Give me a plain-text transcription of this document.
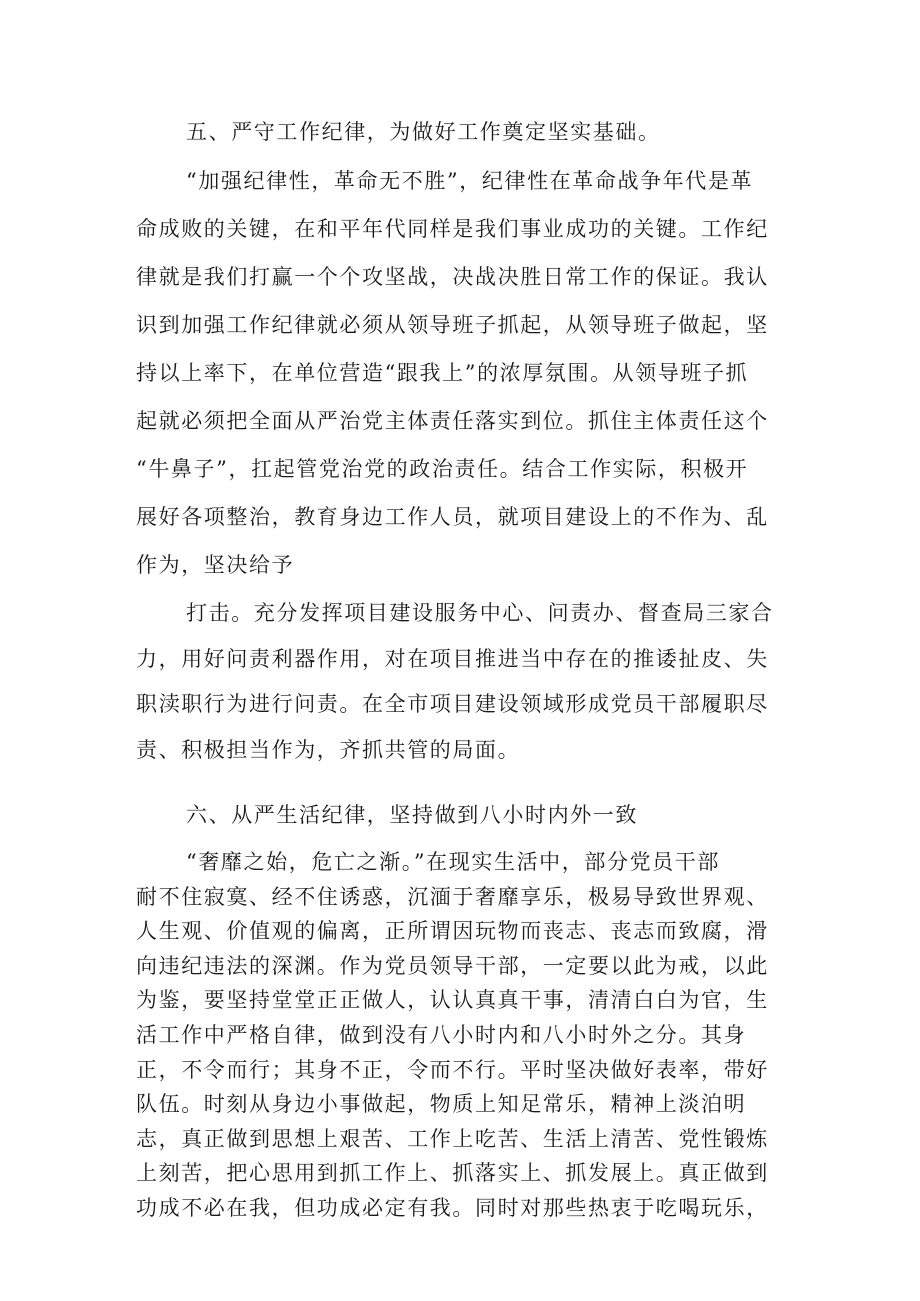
五、严守工作纪律，为做好工作奠定坚实基础。
“加强纪律性，革命无不胜”，纪律性在革命战争年代是革
命成败的关键，在和平年代同样是我们事业成功的关键。工作纪
律就是我们打赢一个个攻坚战，决战决胜日常工作的保证。我认
识到加强工作纪律就必须从领导班子抓起，从领导班子做起，坚
持以上率下，在单位营造“跟我上”的浓厚氛围。从领导班子抓
起就必须把全面从严治党主体责任落实到位。抓住主体责任这个
“牛鼻子”，扛起管党治党的政治责任。结合工作实际，积极开
展好各项整治，教育身边工作人员，就项目建设上的不作为、乱
作为，坚决给予
打击。充分发挥项目建设服务中心、问责办、督查局三家合
力，用好问责利器作用，对在项目推进当中存在的推诿扯皮、失
职渎职行为进行问责。在全市项目建设领域形成党员干部履职尽
责、积极担当作为，齐抓共管的局面。
六、从严生活纪律，坚持做到八小时内外一致
“奢靡之始，危亡之渐。”在现实生活中，部分党员干部
耐不住寂寞、经不住诱惑，沉湎于奢靡享乐，极易导致世界观、
人生观、价值观的偏离，正所谓因玩物而丧志、丧志而致腐，滑
向违纪违法的深渊。作为党员领导干部，一定要以此为戒，以此
为鉴，要坚持堂堂正正做人，认认真真干事，清清白白为官，生
活工作中严格自律，做到没有八小时内和八小时外之分。其身
正，不令而行；其身不正，令而不行。平时坚决做好表率，带好
队伍。时刻从身边小事做起，物质上知足常乐，精神上淡泊明
志，真正做到思想上艰苦、工作上吃苦、生活上清苦、党性锻炼
上刻苦，把心思用到抓工作上、抓落实上、抓发展上。真正做到
功成不必在我，但功成必定有我。同时对那些热衷于吃喝玩乐，
